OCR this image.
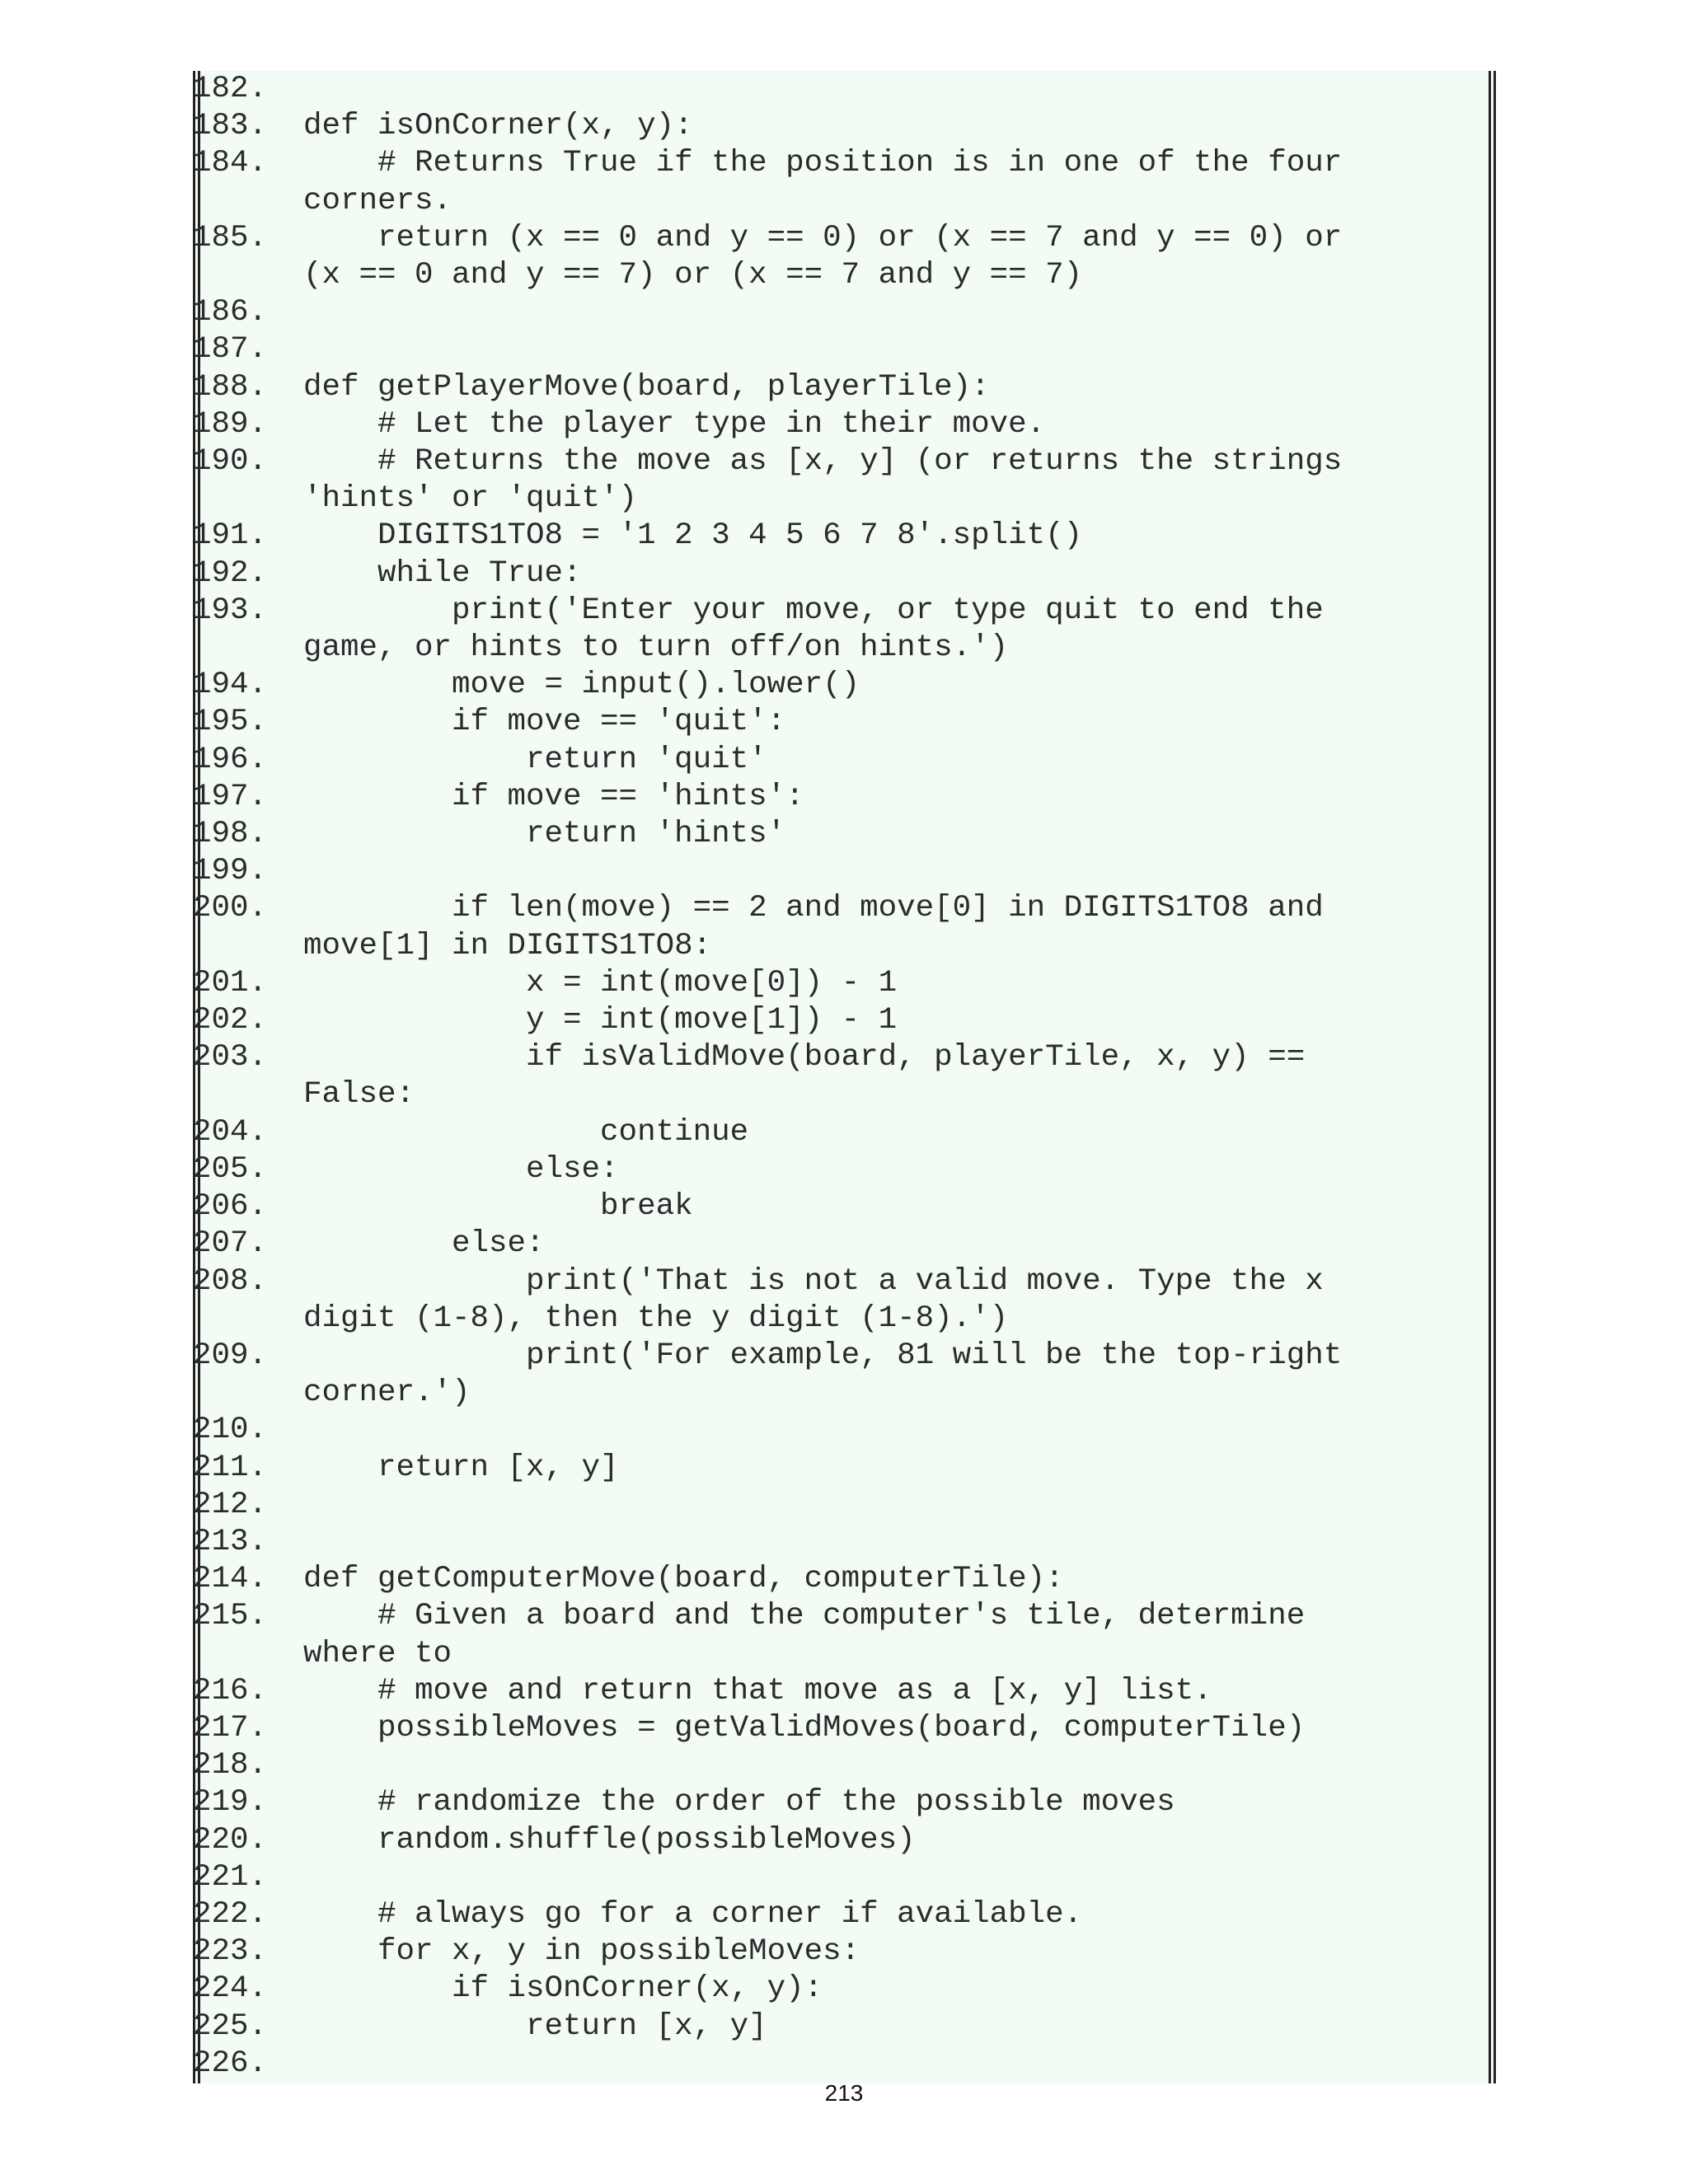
182.
183.	def isOnCorner(x, y):
184.	# Returns True if the position is in one of the four
corners.
185.	return (x == 0 and y == 0) or (x == 7 and y == 0) or
(x == 0 and y == 7) or (x == 7 and y == 7)
186.
187.
188.	def getPlayerMove(board, playerTile):
189.	# Let the player type in their move.
190.	# Returns the move as [x, y] (or returns the strings
'hints' or 'quit')
191.	DIGITS1TO8 = '1 2 3 4 5 6 7 8'.split()
192.	while True:
193.	print('Enter your move, or type quit to end the
game, or hints to turn off/on hints.')
194.	move = input().lower()
195.	if move == 'quit':
196.	return 'quit'
197.	if move == 'hints':
198.	return 'hints'
199.
200.	if len(move) == 2 and move[0] in DIGITS1TO8 and
move[1] in DIGITS1TO8:
201.	x = int(move[0]) - 1
202.	y = int(move[1]) - 1
203.	if isValidMove(board, playerTile, x, y) ==
False:
204.	continue
205.	else:
206.	break
207.	else:
208.	print('That is not a valid move. Type the x
digit (1-8), then the y digit (1-8).')
209.	print('For example, 81 will be the top-right
corner.')
210.
211.	return [x, y]
212.
213.
214.	def getComputerMove(board, computerTile):
215.	# Given a board and the computer's tile, determine
where to
216.	# move and return that move as a [x, y] list.
217.	possibleMoves = getValidMoves(board, computerTile)
218.
219.	# randomize the order of the possible moves
220.	random.shuffle(possibleMoves)
221.
222.	# always go for a corner if available.
223.	for x, y in possibleMoves:
224.	if isOnCorner(x, y):
225.	return [x, y]
226.
213
